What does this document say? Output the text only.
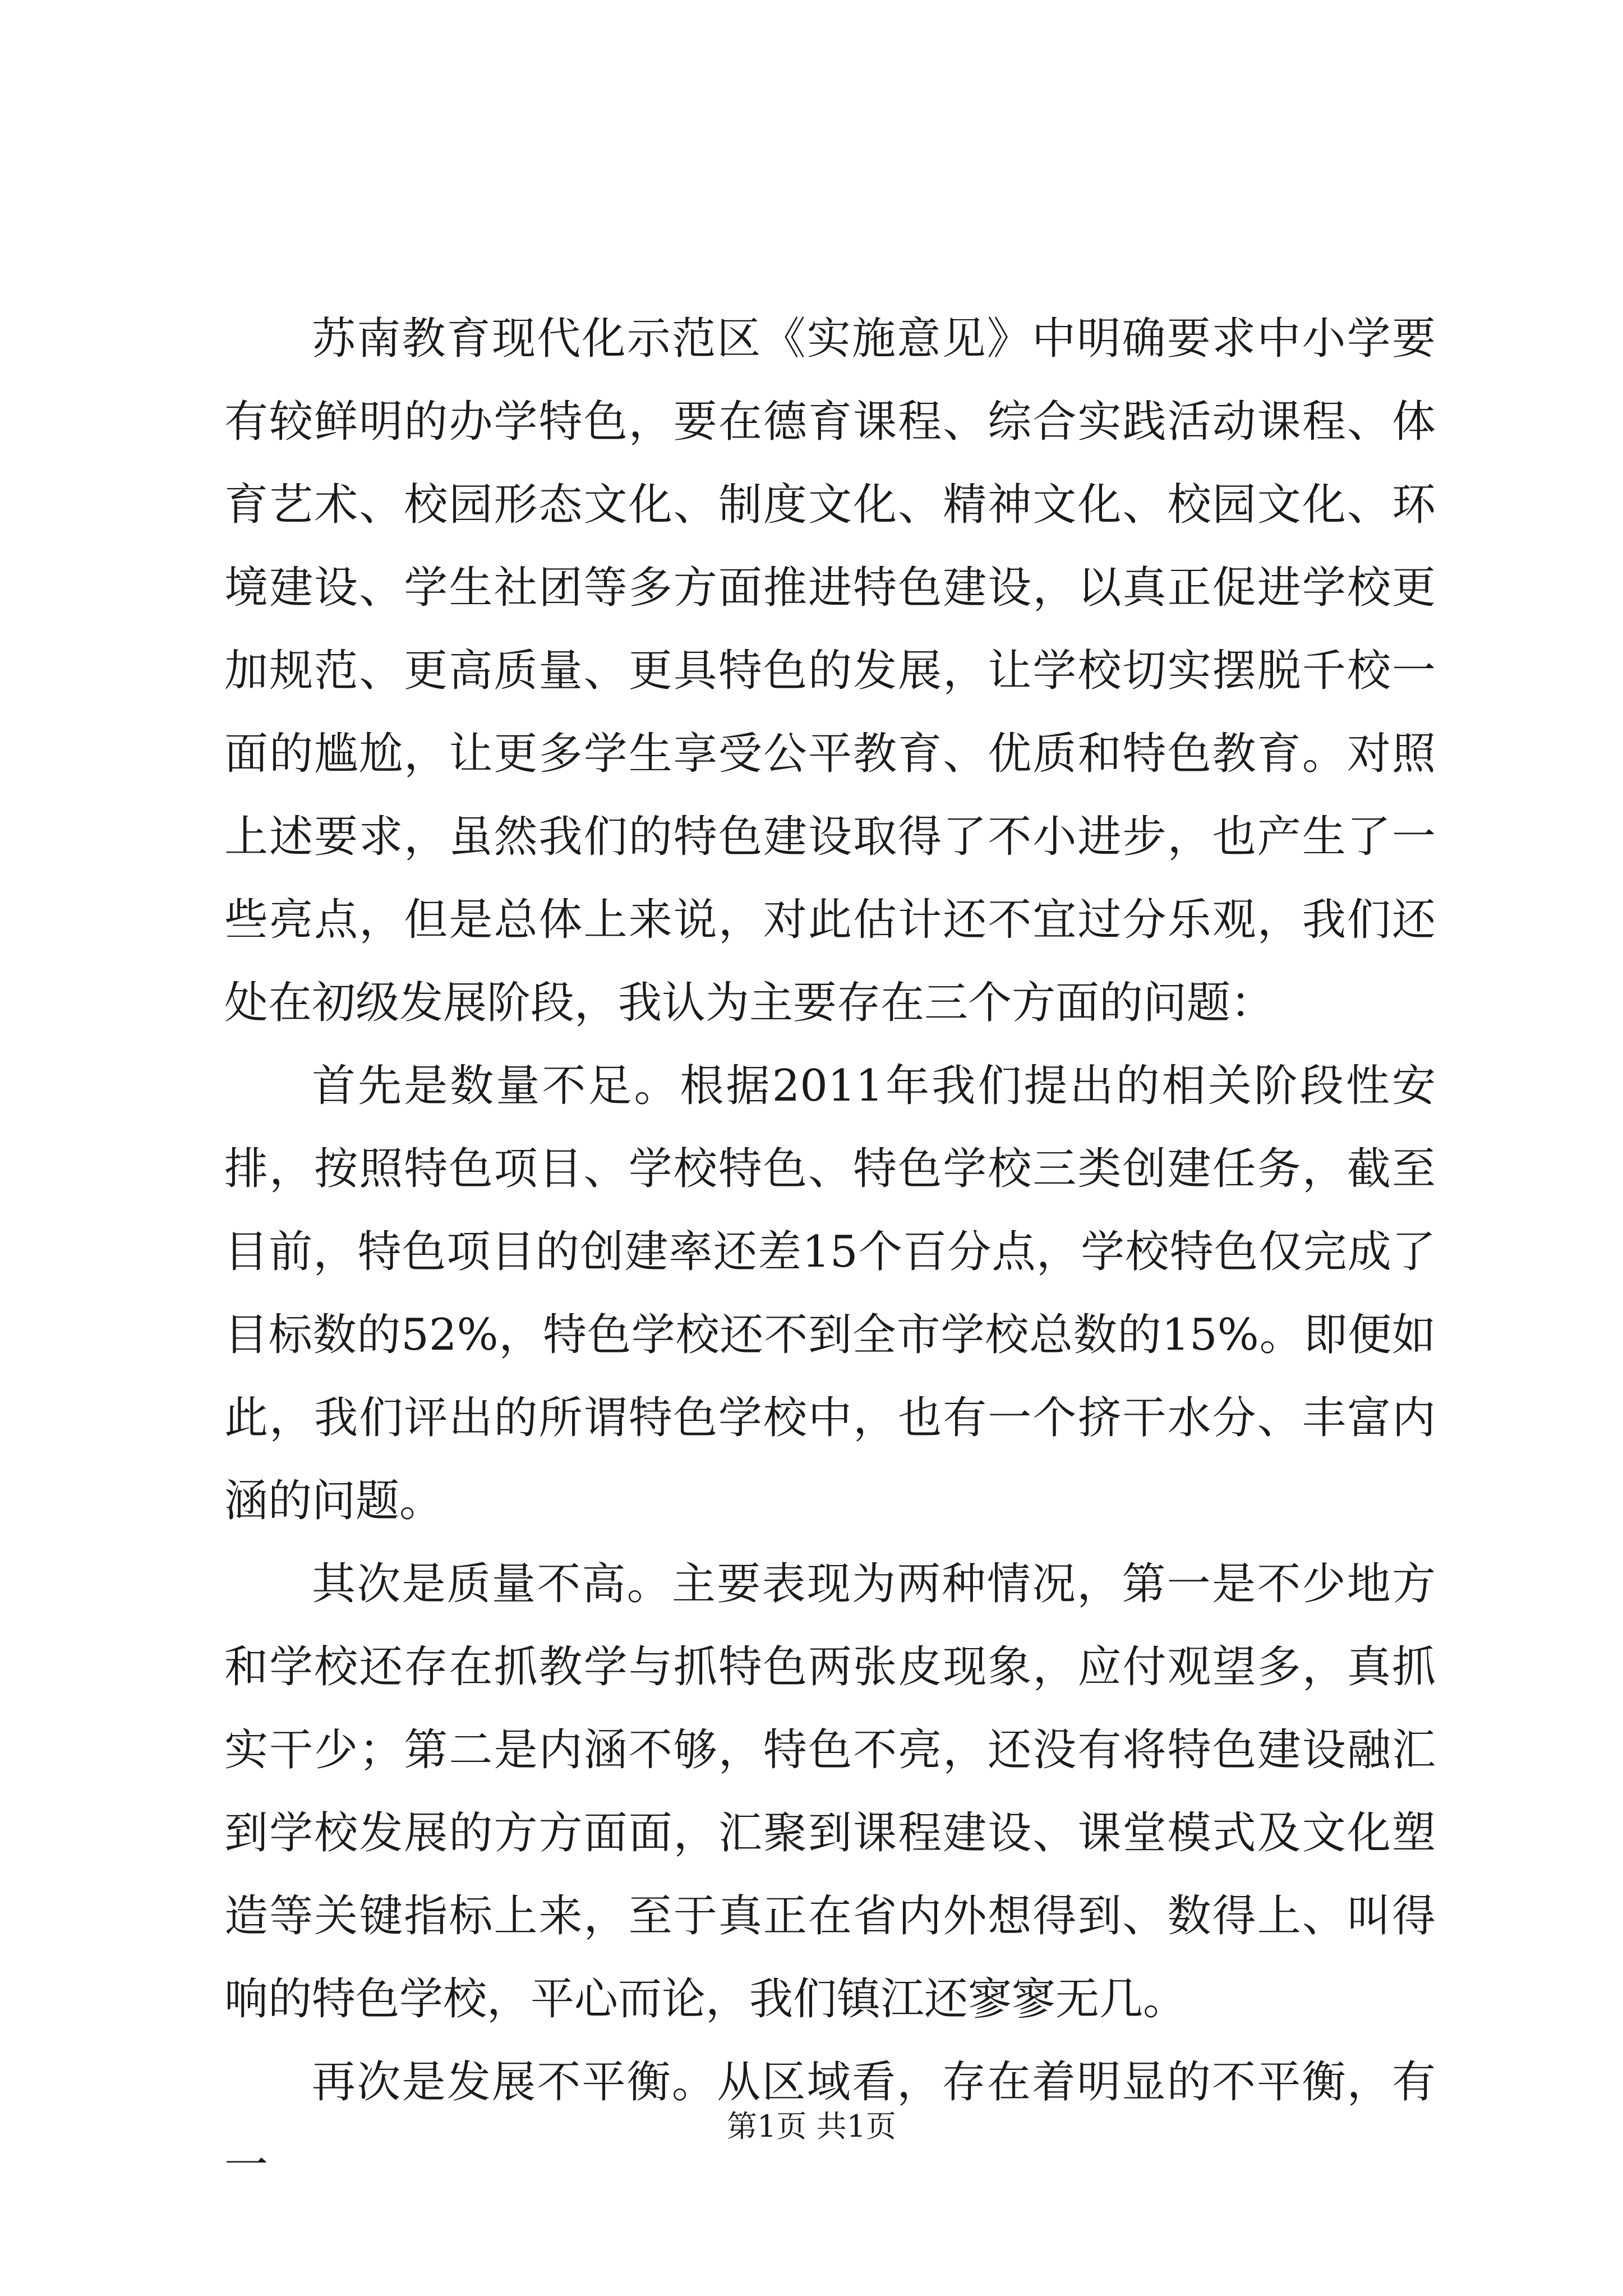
苏南教育现代化示范区《实施意见》中明确要求中小学要有较鲜明的办学特色，要在德育课程、综合实践活动课程、体育艺术、校园形态文化、制度文化、精神文化、校园文化、环境建设、学生社团等多方面推进特色建设，以真正促进学校更加规范、更高质量、更具特色的发展，让学校切实摆脱千校一面的尴尬，让更多学生享受公平教育、优质和特色教育。对照上述要求，虽然我们的特色建设取得了不小进步，也产生了一些亮点，但是总体上来说，对此估计还不宜过分乐观，我们还处在初级发展阶段，我认为主要存在三个方面的问题：

首先是数量不足。根据2011年我们提出的相关阶段性安排，按照特色项目、学校特色、特色学校三类创建任务，截至目前，特色项目的创建率还差15个百分点，学校特色仅完成了目标数的52%，特色学校还不到全市学校总数的15%。即便如此，我们评出的所谓特色学校中，也有一个挤干水分、丰富内涵的问题。

其次是质量不高。主要表现为两种情况，第一是不少地方和学校还存在抓教学与抓特色两张皮现象，应付观望多，真抓实干少；第二是内涵不够，特色不亮，还没有将特色建设融汇到学校发展的方方面面，汇聚到课程建设、课堂模式及文化塑造等关键指标上来，至于真正在省内外想得到、数得上、叫得响的特色学校，平心而论，我们镇江还寥寥无几。

再次是发展不平衡。从区域看，存在着明显的不平衡，有一

第1页 共1页
